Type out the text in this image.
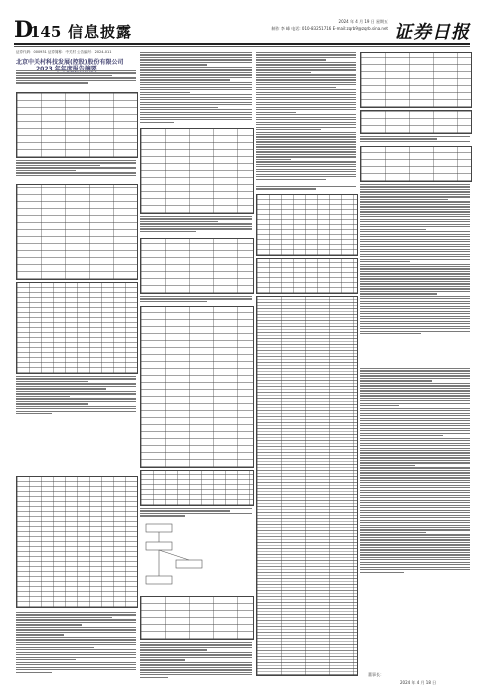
D
145 信息披露
2024 年 4 月 19 日 星期五
制作 李 峰 电话: 010-83251716 E-mail:zqrb9@zqrb.sina.net 证券日报
证券代码：000931 证券简称：中关村 公告编号：2024-011
北京中关村科技发展(控股)股份有限公司
董事长：
2024 年 4 月 18 日
